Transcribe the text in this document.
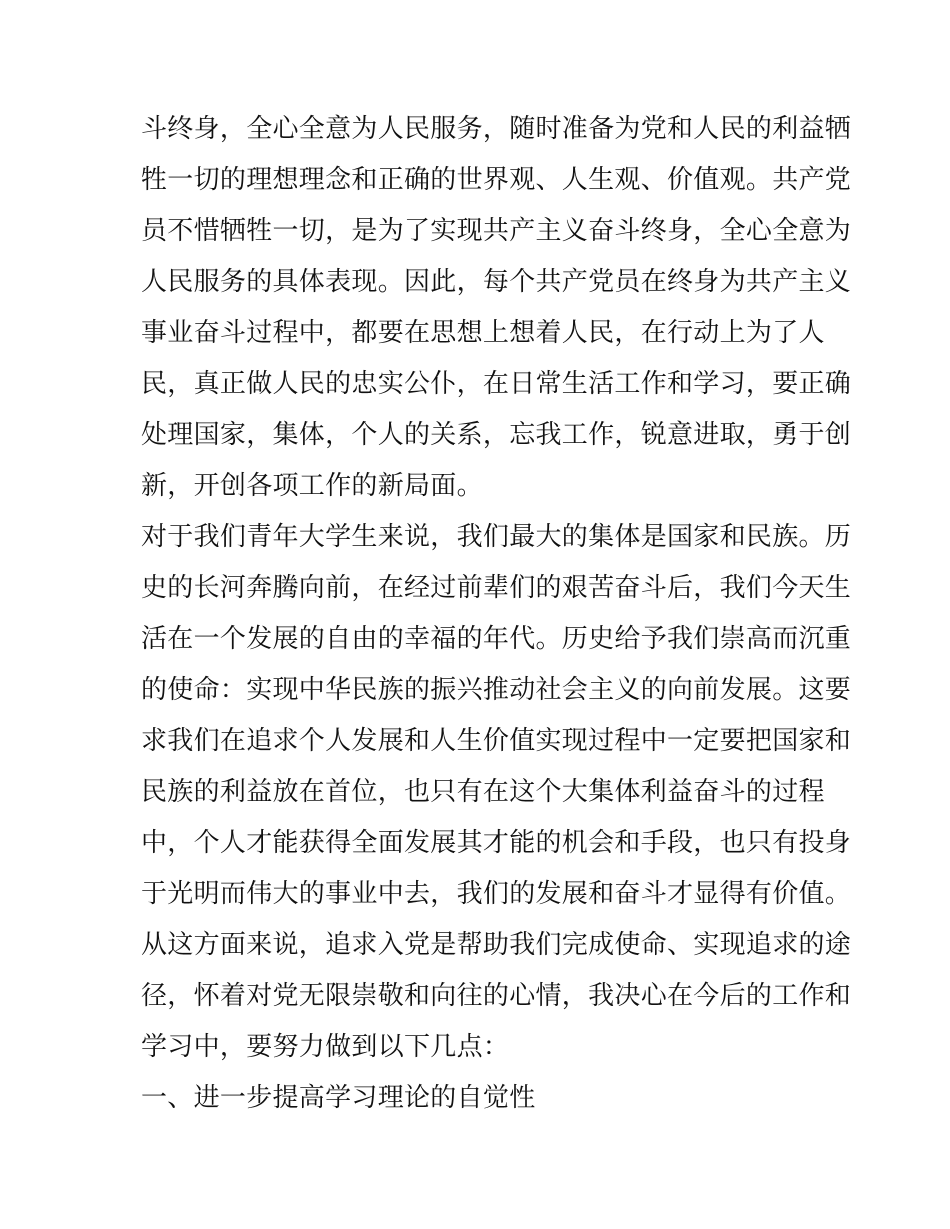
斗终身，全心全意为人民服务，随时准备为党和人民的利益牺
牲一切的理想理念和正确的世界观、人生观、价值观。共产党
员不惜牺牲一切，是为了实现共产主义奋斗终身，全心全意为
人民服务的具体表现。因此，每个共产党员在终身为共产主义
事业奋斗过程中，都要在思想上想着人民，在行动上为了人
民，真正做人民的忠实公仆，在日常生活工作和学习，要正确
处理国家，集体，个人的关系，忘我工作，锐意进取，勇于创
新，开创各项工作的新局面。
对于我们青年大学生来说，我们最大的集体是国家和民族。历
史的长河奔腾向前，在经过前辈们的艰苦奋斗后，我们今天生
活在一个发展的自由的幸福的年代。历史给予我们崇高而沉重
的使命：实现中华民族的振兴推动社会主义的向前发展。这要
求我们在追求个人发展和人生价值实现过程中一定要把国家和
民族的利益放在首位，也只有在这个大集体利益奋斗的过程
中，个人才能获得全面发展其才能的机会和手段，也只有投身
于光明而伟大的事业中去，我们的发展和奋斗才显得有价值。
从这方面来说，追求入党是帮助我们完成使命、实现追求的途
径，怀着对党无限崇敬和向往的心情，我决心在今后的工作和
学习中，要努力做到以下几点：
一、进一步提高学习理论的自觉性
